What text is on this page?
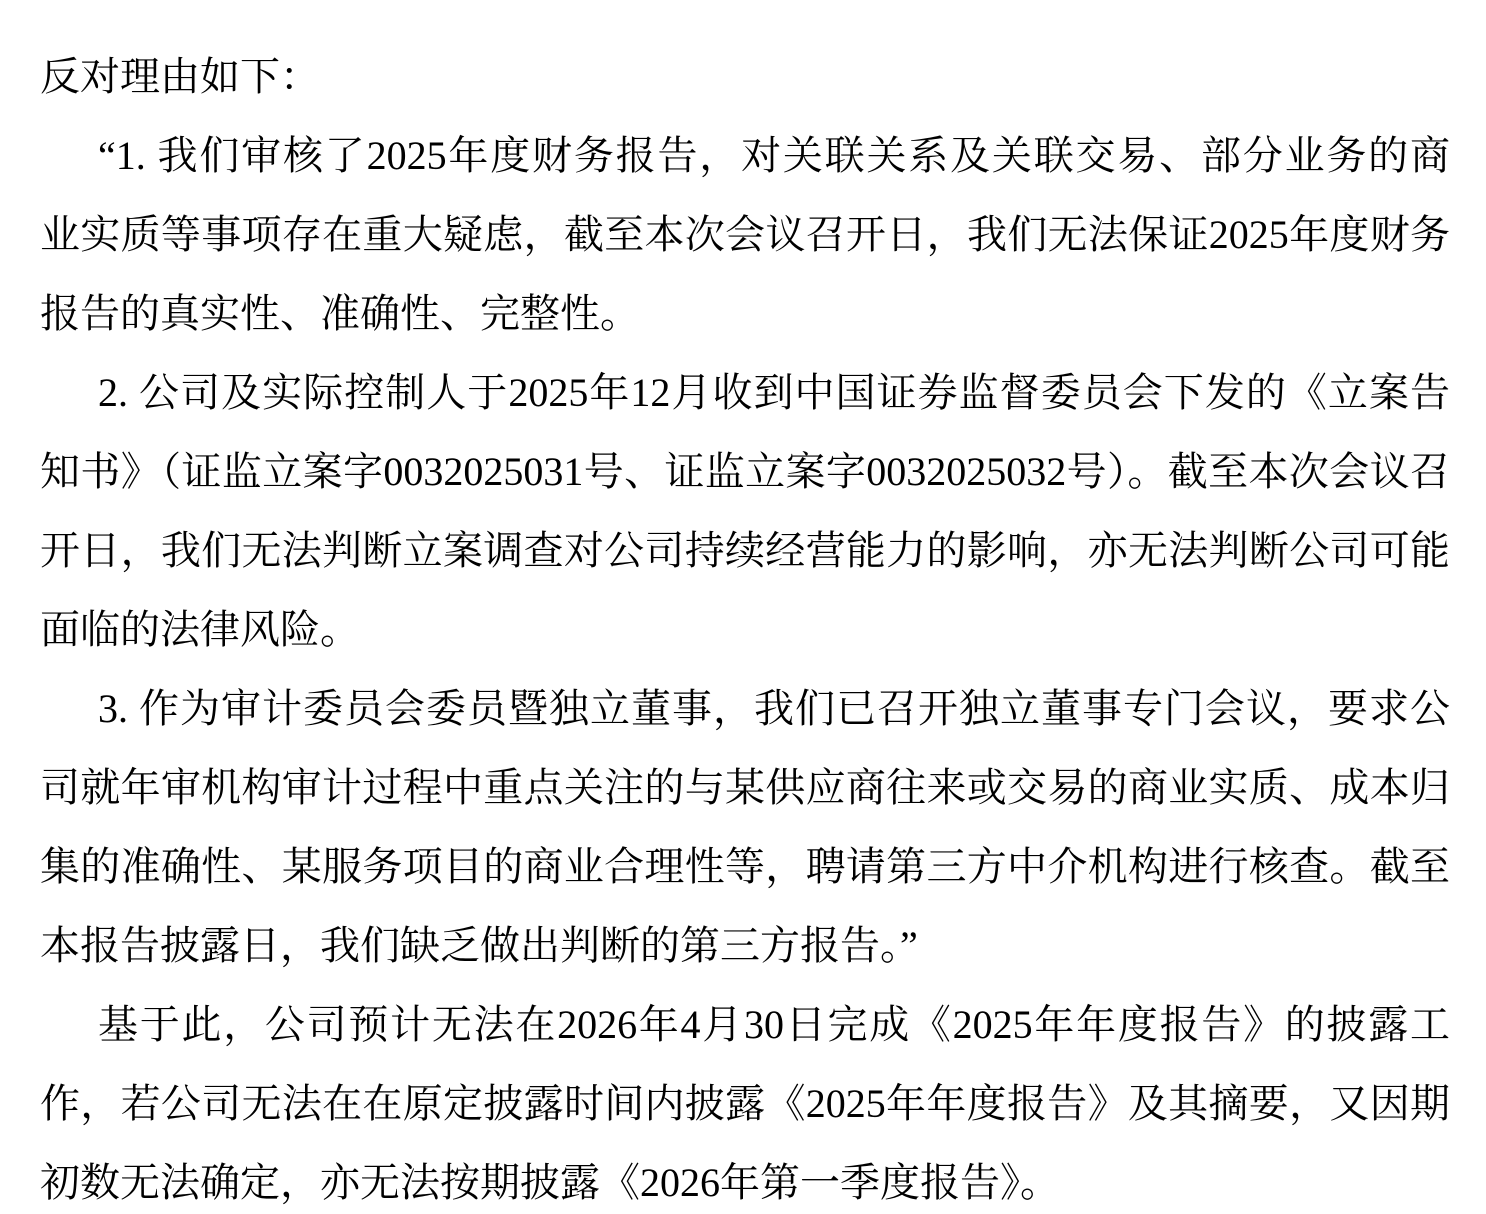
反对理由如下：

“1. 我们审核了2025年度财务报告，对关联关系及关联交易、部分业务的商

业实质等事项存在重大疑虑，截至本次会议召开日，我们无法保证2025年度财务

报告的真实性、准确性、完整性。

2. 公司及实际控制人于2025年12月收到中国证券监督委员会下发的《立案告

知书》（证监立案字0032025031号、证监立案字0032025032号）。截至本次会议召

开日，我们无法判断立案调查对公司持续经营能力的影响，亦无法判断公司可能

面临的法律风险。

3. 作为审计委员会委员暨独立董事，我们已召开独立董事专门会议，要求公

司就年审机构审计过程中重点关注的与某供应商往来或交易的商业实质、成本归

集的准确性、某服务项目的商业合理性等，聘请第三方中介机构进行核查。截至

本报告披露日，我们缺乏做出判断的第三方报告。”

基于此，公司预计无法在2026年4月30日完成《2025年年度报告》的披露工

作，若公司无法在在原定披露时间内披露《2025年年度报告》及其摘要，又因期

初数无法确定，亦无法按期披露《2026年第一季度报告》。
